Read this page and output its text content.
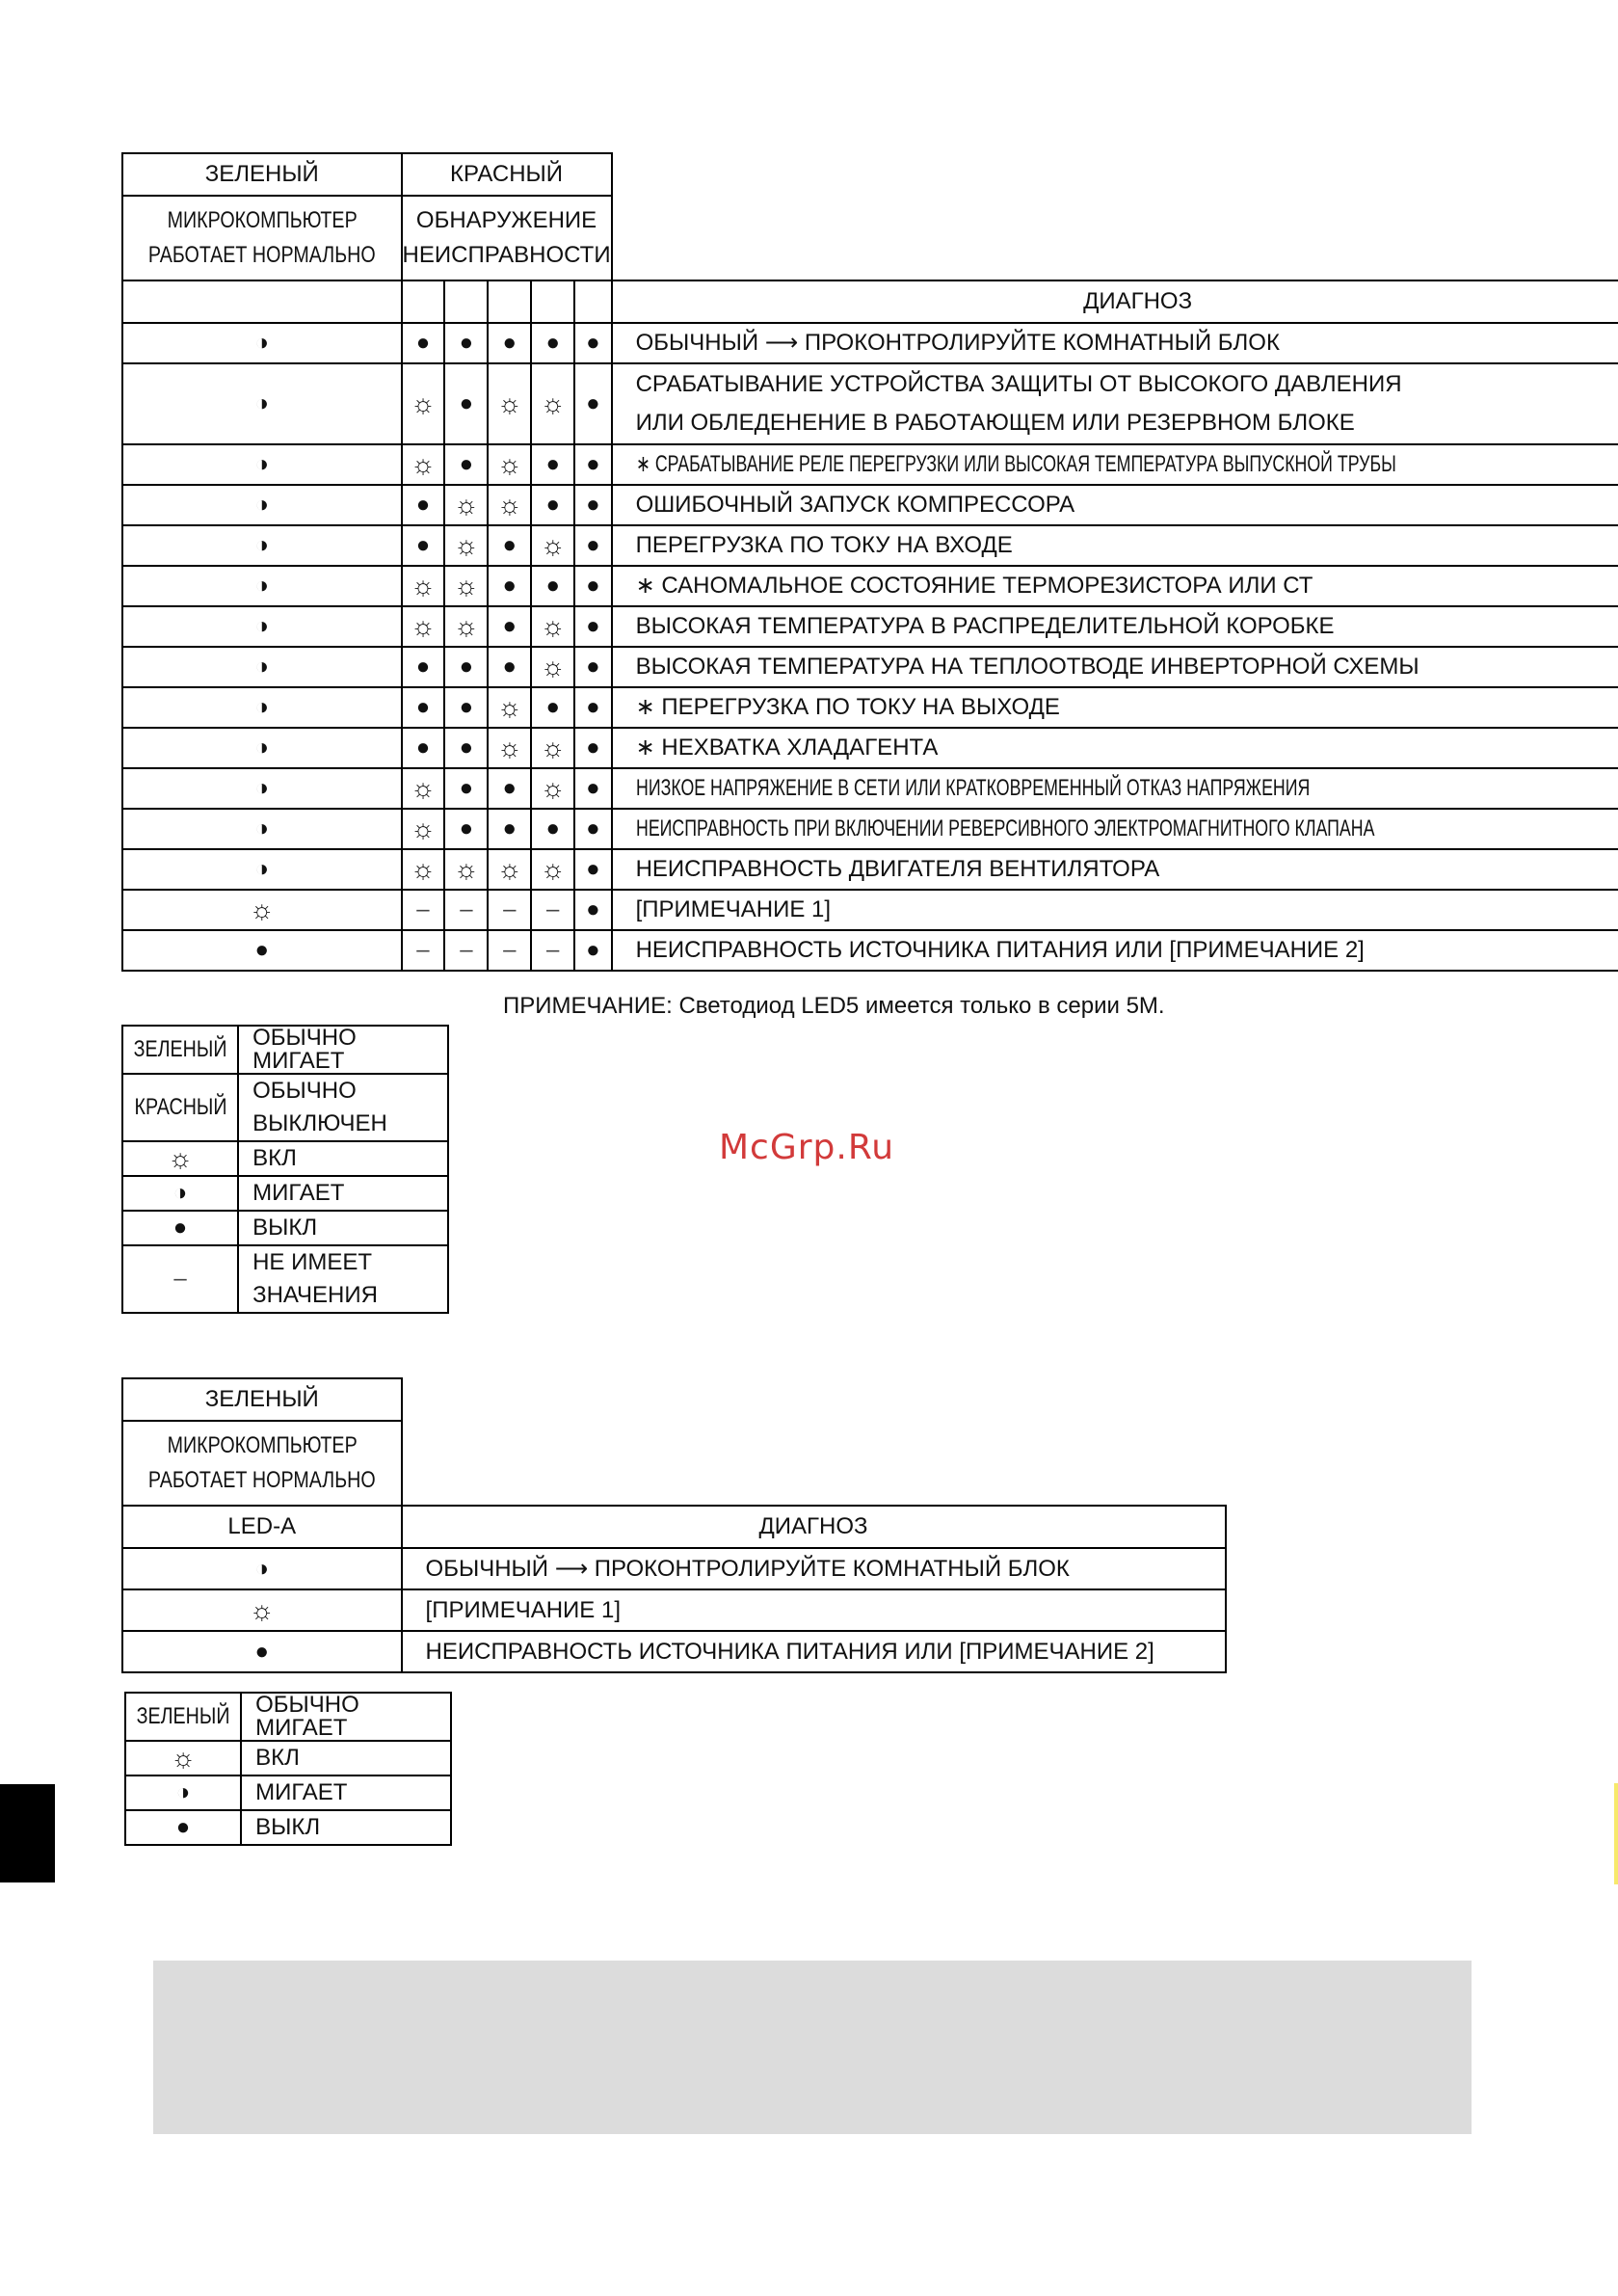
ЗЕЛЕНЫЙ	КРАСНЫЙ					

МИКРОКОМПЬЮТЕР
РАБОТАЕТ НОРМАЛЬНО	ОБНАРУЖЕНИЕ
НЕИСПРАВНОСТИ					

						ДИАГНОЗ
◑	●	●	●	●	●	ОБЫЧНЫЙ ⟶ ПРОКОНТРОЛИРУЙТЕ КОМНАТНЫЙ БЛОК
◑	☼	●	☼	☼	●	СРАБАТЫВАНИЕ УСТРОЙСТВА ЗАЩИТЫ ОТ ВЫСОКОГО ДАВЛЕНИЯ
ИЛИ ОБЛЕДЕНЕНИЕ В РАБОТАЮЩЕМ ИЛИ РЕЗЕРВНОМ БЛОКЕ

◑	☼	●	☼	●	●	∗ СРАБАТЫВАНИЕ РЕЛЕ ПЕРЕГРУЗКИ ИЛИ ВЫСОКАЯ ТЕМПЕРАТУРА ВЫПУСКНОЙ ТРУБЫ
◑	●	☼	☼	●	●	ОШИБОЧНЫЙ ЗАПУСК КОМПРЕССОРА
◑	●	☼	●	☼	●	ПЕРЕГРУЗКА ПО ТОКУ НА ВХОДЕ
◑	☼	☼	●	●	●	∗ САНОМАЛЬНОЕ СОСТОЯНИЕ ТЕРМОРЕЗИСТОРА ИЛИ СТ
◑	☼	☼	●	☼	●	ВЫСОКАЯ ТЕМПЕРАТУРА В РАСПРЕДЕЛИТЕЛЬНОЙ КОРОБКЕ
◑	●	●	●	☼	●	ВЫСОКАЯ ТЕМПЕРАТУРА НА ТЕПЛООТВОДЕ ИНВЕРТОРНОЙ СХЕМЫ
◑	●	●	☼	●	●	∗ ПЕРЕГРУЗКА ПО ТОКУ НА ВЫХОДЕ
◑	●	●	☼	☼	●	∗ НЕХВАТКА ХЛАДАГЕНТА
◑	☼	●	●	☼	●	НИЗКОЕ НАПРЯЖЕНИЕ В СЕТИ ИЛИ КРАТКОВРЕМЕННЫЙ ОТКАЗ НАПРЯЖЕНИЯ
◑	☼	●	●	●	●	НЕИСПРАВНОСТЬ ПРИ ВКЛЮЧЕНИИ РЕВЕРСИВНОГО ЭЛЕКТРОМАГНИТНОГО КЛАПАНА
◑	☼	☼	☼	☼	●	НЕИСПРАВНОСТЬ ДВИГАТЕЛЯ ВЕНТИЛЯТОРА
☼	–	–	–	–	●	[ПРИМЕЧАНИЕ 1]
●	–	–	–	–	●	НЕИСПРАВНОСТЬ ИСТОЧНИКА ПИТАНИЯ ИЛИ [ПРИМЕЧАНИЕ 2]
ПРИМЕЧАНИЕ: Светодиод LED5 имеется только в серии 5М.
ЗЕЛЕНЫЙ	ОБЫЧНО МИГАЕТ
КРАСНЫЙ	ОБЫЧНО
ВЫКЛЮЧЕН

☼	ВКЛ

◑	МИГАЕТ

●	ВЫКЛ

–	НЕ ИМЕЕТ
ЗНАЧЕНИЯ
McGrp.Ru
ЗЕЛЕНЫЙ	

МИКРОКОМПЬЮТЕР
РАБОТАЕТ НОРМАЛЬНО	

LED-A	ДИАГНОЗ
◑	ОБЫЧНЫЙ ⟶ ПРОКОНТРОЛИРУЙТЕ КОМНАТНЫЙ БЛОК
☼	[ПРИМЕЧАНИЕ 1]
●	НЕИСПРАВНОСТЬ ИСТОЧНИКА ПИТАНИЯ ИЛИ [ПРИМЕЧАНИЕ 2]
ЗЕЛЕНЫЙ	ОБЫЧНО МИГАЕТ
☼	ВКЛ

◑	МИГАЕТ

●	ВЫКЛ
